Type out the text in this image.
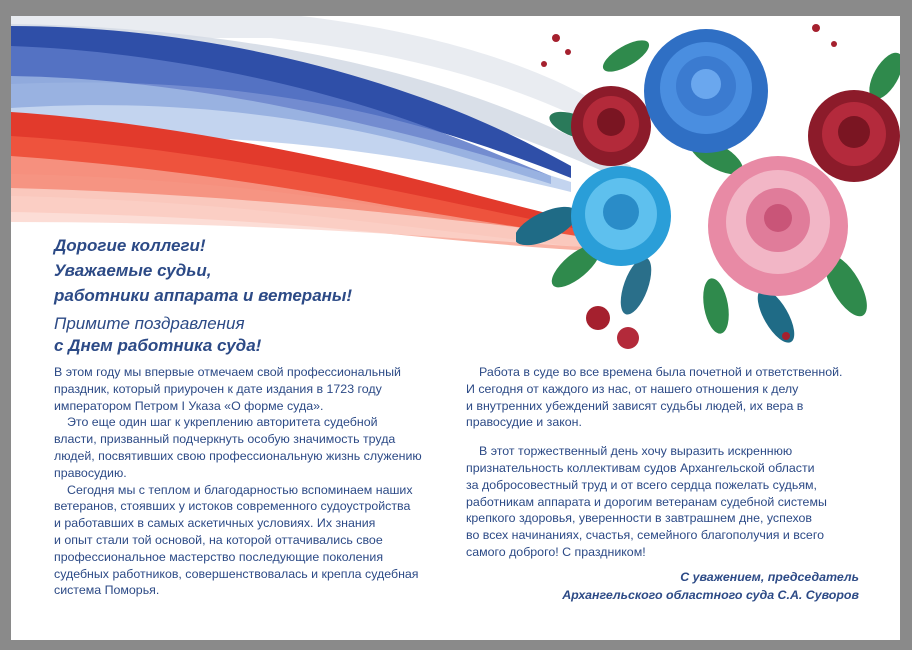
Дорогие коллеги!
Уважаемые судьи,
работники аппарата и ветераны!
Примите поздравления
с Днем работника суда!

В этом году мы впервые отмечаем свой профессиональный

праздник, который приурочен к дате издания в 1723 году

императором Петром I Указа «О форме суда».

Это еще один шаг к укреплению авторитета судебной

власти, призванный подчеркнуть особую значимость труда

людей, посвятивших свою профессиональную жизнь служению

правосудию.

Сегодня мы с теплом и благодарностью вспоминаем наших

ветеранов, стоявших у истоков современного судоустройства

и работавших в самых аскетичных условиях. Их знания

и опыт стали той основой, на которой оттачивались свое

профессиональное мастерство последующие поколения

судебных работников, совершенствовалась и крепла судебная

система Поморья.

Работа в суде во все времена была почетной и ответственной.
И сегодня от каждого из нас, от нашего отношения к делу
и внутренних убеждений зависят судьбы людей, их вера в
правосудие и закон.

В этот торжественный день хочу выразить искреннюю
признательность коллективам судов Архангельской области
за добросовестный труд и от всего сердца пожелать судьям,
работникам аппарата и дорогим ветеранам судебной системы
крепкого здоровья, уверенности в завтрашнем дне, успехов
во всех начинаниях, счастья, семейного благополучия и всего
самого доброго! С праздником!

С уважением, председатель
Архангельского областного суда С.А. Суворов
